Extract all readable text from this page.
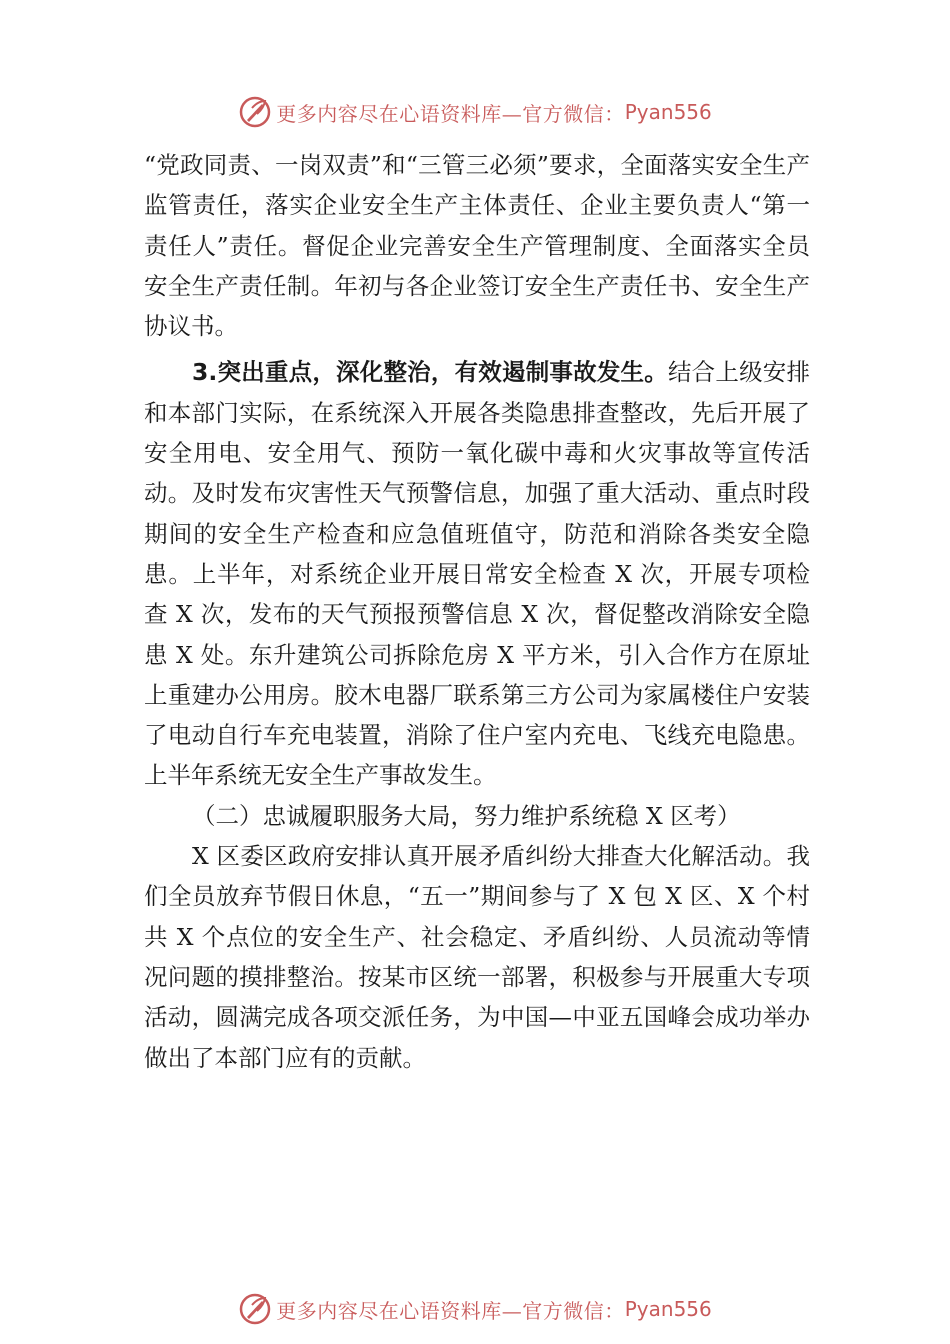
更多内容尽在心语资料库—官方微信： Pyan556

“党政同责、一岗双责”和“三管三必须”要求，全面落实安全生产监管责任，落实企业安全生产主体责任、企业主要负责人“第一责任人”责任。督促企业完善安全生产管理制度、全面落实全员安全生产责任制。年初与各企业签订安全生产责任书、安全生产协议书。

3.突出重点，深化整治，有效遏制事故发生。结合上级安排和本部门实际，在系统深入开展各类隐患排查整改，先后开展了安全用电、安全用气、预防一氧化碳中毒和火灾事故等宣传活动。及时发布灾害性天气预警信息，加强了重大活动、重点时段期间的安全生产检查和应急值班值守，防范和消除各类安全隐患。上半年，对系统企业开展日常安全检查 X 次，开展专项检查 X 次，发布的天气预报预警信息 X 次，督促整改消除安全隐患 X 处。东升建筑公司拆除危房 X 平方米，引入合作方在原址上重建办公用房。胶木电器厂联系第三方公司为家属楼住户安装了电动自行车充电装置，消除了住户室内充电、飞线充电隐患。上半年系统无安全生产事故发生。

（二）忠诚履职服务大局，努力维护系统稳 X 区考）

X 区委区政府安排认真开展矛盾纠纷大排查大化解活动。我们全员放弃节假日休息，“五一”期间参与了 X 包 X 区、X 个村共 X 个点位的安全生产、社会稳定、矛盾纠纷、人员流动等情况问题的摸排整治。按某市区统一部署，积极参与开展重大专项活动，圆满完成各项交派任务，为中国—中亚五国峰会成功举办做出了本部门应有的贡献。

更多内容尽在心语资料库—官方微信： Pyan556
